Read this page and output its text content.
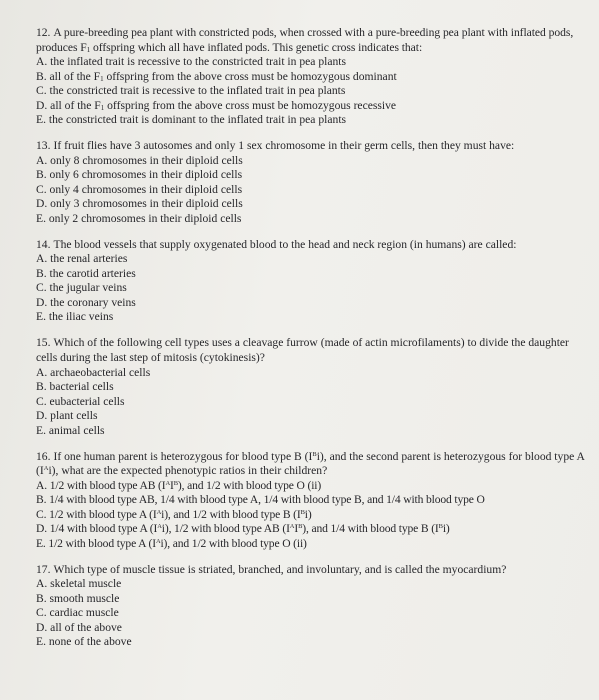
12. A pure-breeding pea plant with constricted pods, when crossed with a pure-breeding pea plant with inflated pods, produces $F_1$ offspring which all have inflated pods. This genetic cross indicates that:

A. the inflated trait is recessive to the constricted trait in pea plants
B. all of the $F_1$ offspring from the above cross must be homozygous dominant
C. the constricted trait is recessive to the inflated trait in pea plants
D. all of the $F_1$ offspring from the above cross must be homozygous recessive
E. the constricted trait is dominant to the inflated trait in pea plants

13. If fruit flies have 3 autosomes and only 1 sex chromosome in their germ cells, then they must have:

A. only 8 chromosomes in their diploid cells
B. only 6 chromosomes in their diploid cells
C. only 4 chromosomes in their diploid cells
D. only 3 chromosomes in their diploid cells
E. only 2 chromosomes in their diploid cells

14. The blood vessels that supply oxygenated blood to the head and neck region (in humans) are called:

A. the renal arteries
B. the carotid arteries
C. the jugular veins
D. the coronary veins
E. the iliac veins

15. Which of the following cell types uses a cleavage furrow (made of actin microfilaments) to divide the daughter cells during the last step of mitosis (cytokinesis)?

A. archaeobacterial cells
B. bacterial cells
C. eubacterial cells
D. plant cells
E. animal cells

16. If one human parent is heterozygous for blood type B $(I^Bi)$, and the second parent is heterozygous for blood type A $(I^Ai)$, what are the expected phenotypic ratios in their children?

A. 1/2 with blood type AB $(I^AI^B)$, and 1/2 with blood type O (ii)
B. 1/4 with blood type AB, 1/4 with blood type A, 1/4 with blood type B, and 1/4 with blood type O
C. 1/2 with blood type A $(I^Ai)$, and 1/2 with blood type B $(I^Bi)$
D. 1/4 with blood type A $(I^Ai)$, 1/2 with blood type AB $(I^AI^B)$, and 1/4 with blood type B $(I^Bi)$
E. 1/2 with blood type A $(I^Ai)$, and 1/2 with blood type O (ii)

17. Which type of muscle tissue is striated, branched, and involuntary, and is called the myocardium?

A. skeletal muscle
B. smooth muscle
C. cardiac muscle
D. all of the above
E. none of the above
